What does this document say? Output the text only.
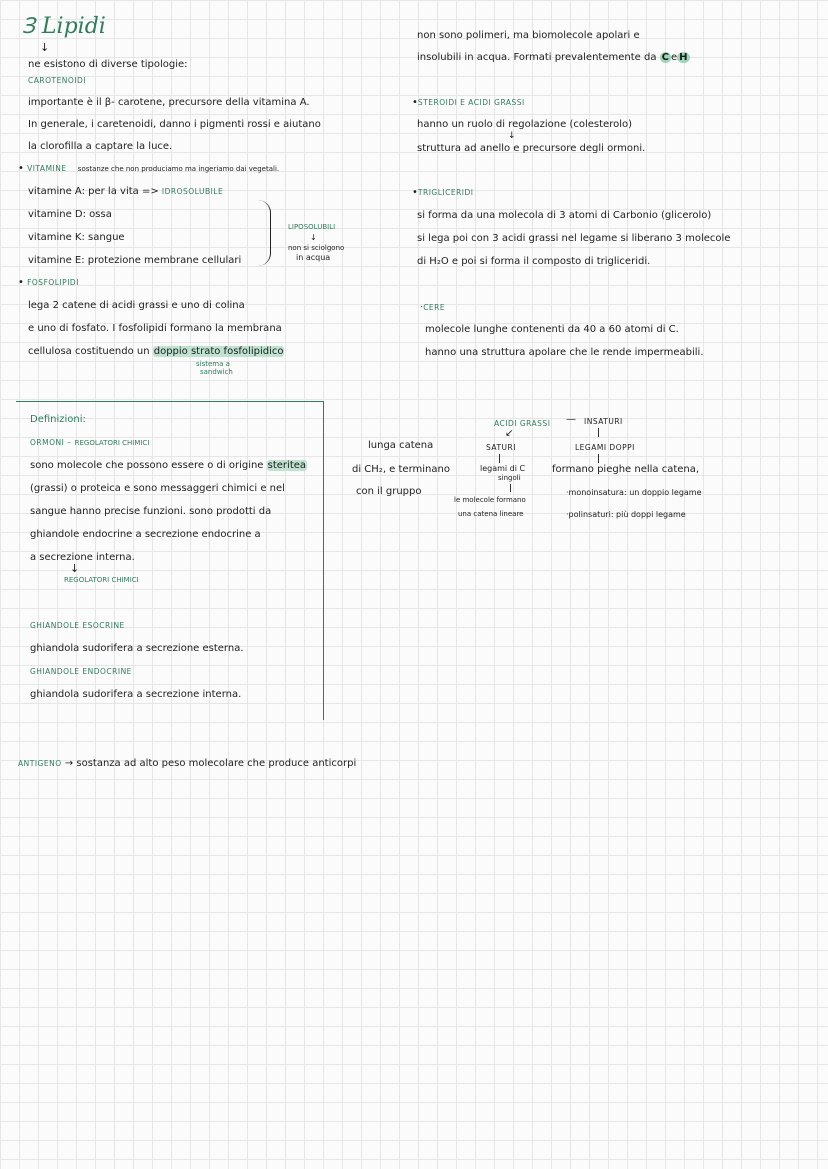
Ɜ Lipidi
↓
ne esistono di diverse tipologie:
CAROTENOIDI
importante è il β- carotene, precursore della vitamina A.
In generale, i caretenoidi, danno i pigmenti rossi e aiutano
la clorofilla a captare la luce.
• VITAMINE sostanze che non produciamo ma ingeriamo dai vegetali.
vitamine A: per la vita => IDROSOLUBILE
vitamine D: ossa
vitamine K: sangue
vitamine E: protezione membrane cellulari
LIPOSOLUBILI
↓
non si sciolgono
in acqua
• FOSFOLIPIDI
lega 2 catene di acidi grassi e uno di colina
e uno di fosfato. I fosfolipidi formano la membrana
cellulosa costituendo un doppio strato fosfolipidico
sistema a
sandwich
Definizioni:
ORMONI – REGOLATORI CHIMICI
sono molecole che possono essere o di origine steritea
(grassi) o proteica e sono messaggeri chimici e nel
sangue hanno precise funzioni. sono prodotti da
ghiandole endocrine a secrezione endocrine a
a secrezione interna.
↓
REGOLATORI CHIMICI
GHIANDOLE ESOCRINE
ghiandola sudorifera a secrezione esterna.
GHIANDOLE ENDOCRINE
ghiandola sudorifera a secrezione interna.
ANTIGENO → sostanza ad alto peso molecolare che produce anticorpi
non sono polimeri, ma biomolecole apolari e
insolubili in acqua. Formati prevalentemente da C e H
•STEROIDI E ACIDI GRASSI
hanno un ruolo di regolazione (colesterolo)
↓
struttura ad anello e precursore degli ormoni.
•TRIGLICERIDI
si forma da una molecola di 3 atomi di Carbonio (glicerolo)
si lega poi con 3 acidi grassi nel legame si liberano 3 molecole
di H₂O e poi si forma il composto di trigliceridi.
·CERE
molecole lunghe contenenti da 40 a 60 atomi di C.
hanno una struttura apolare che le rende impermeabili.
ACIDI GRASSI — INSATURI
↙
SATURI	LEGAMI DOPPI
lunga catena
di CH₂, e terminano
con il gruppo
legami di C
singoli
le molecole formano
una catena lineare
formano pieghe nella catena,
·monoinsatura: un doppio legame
·polinsaturi: più doppi legame
